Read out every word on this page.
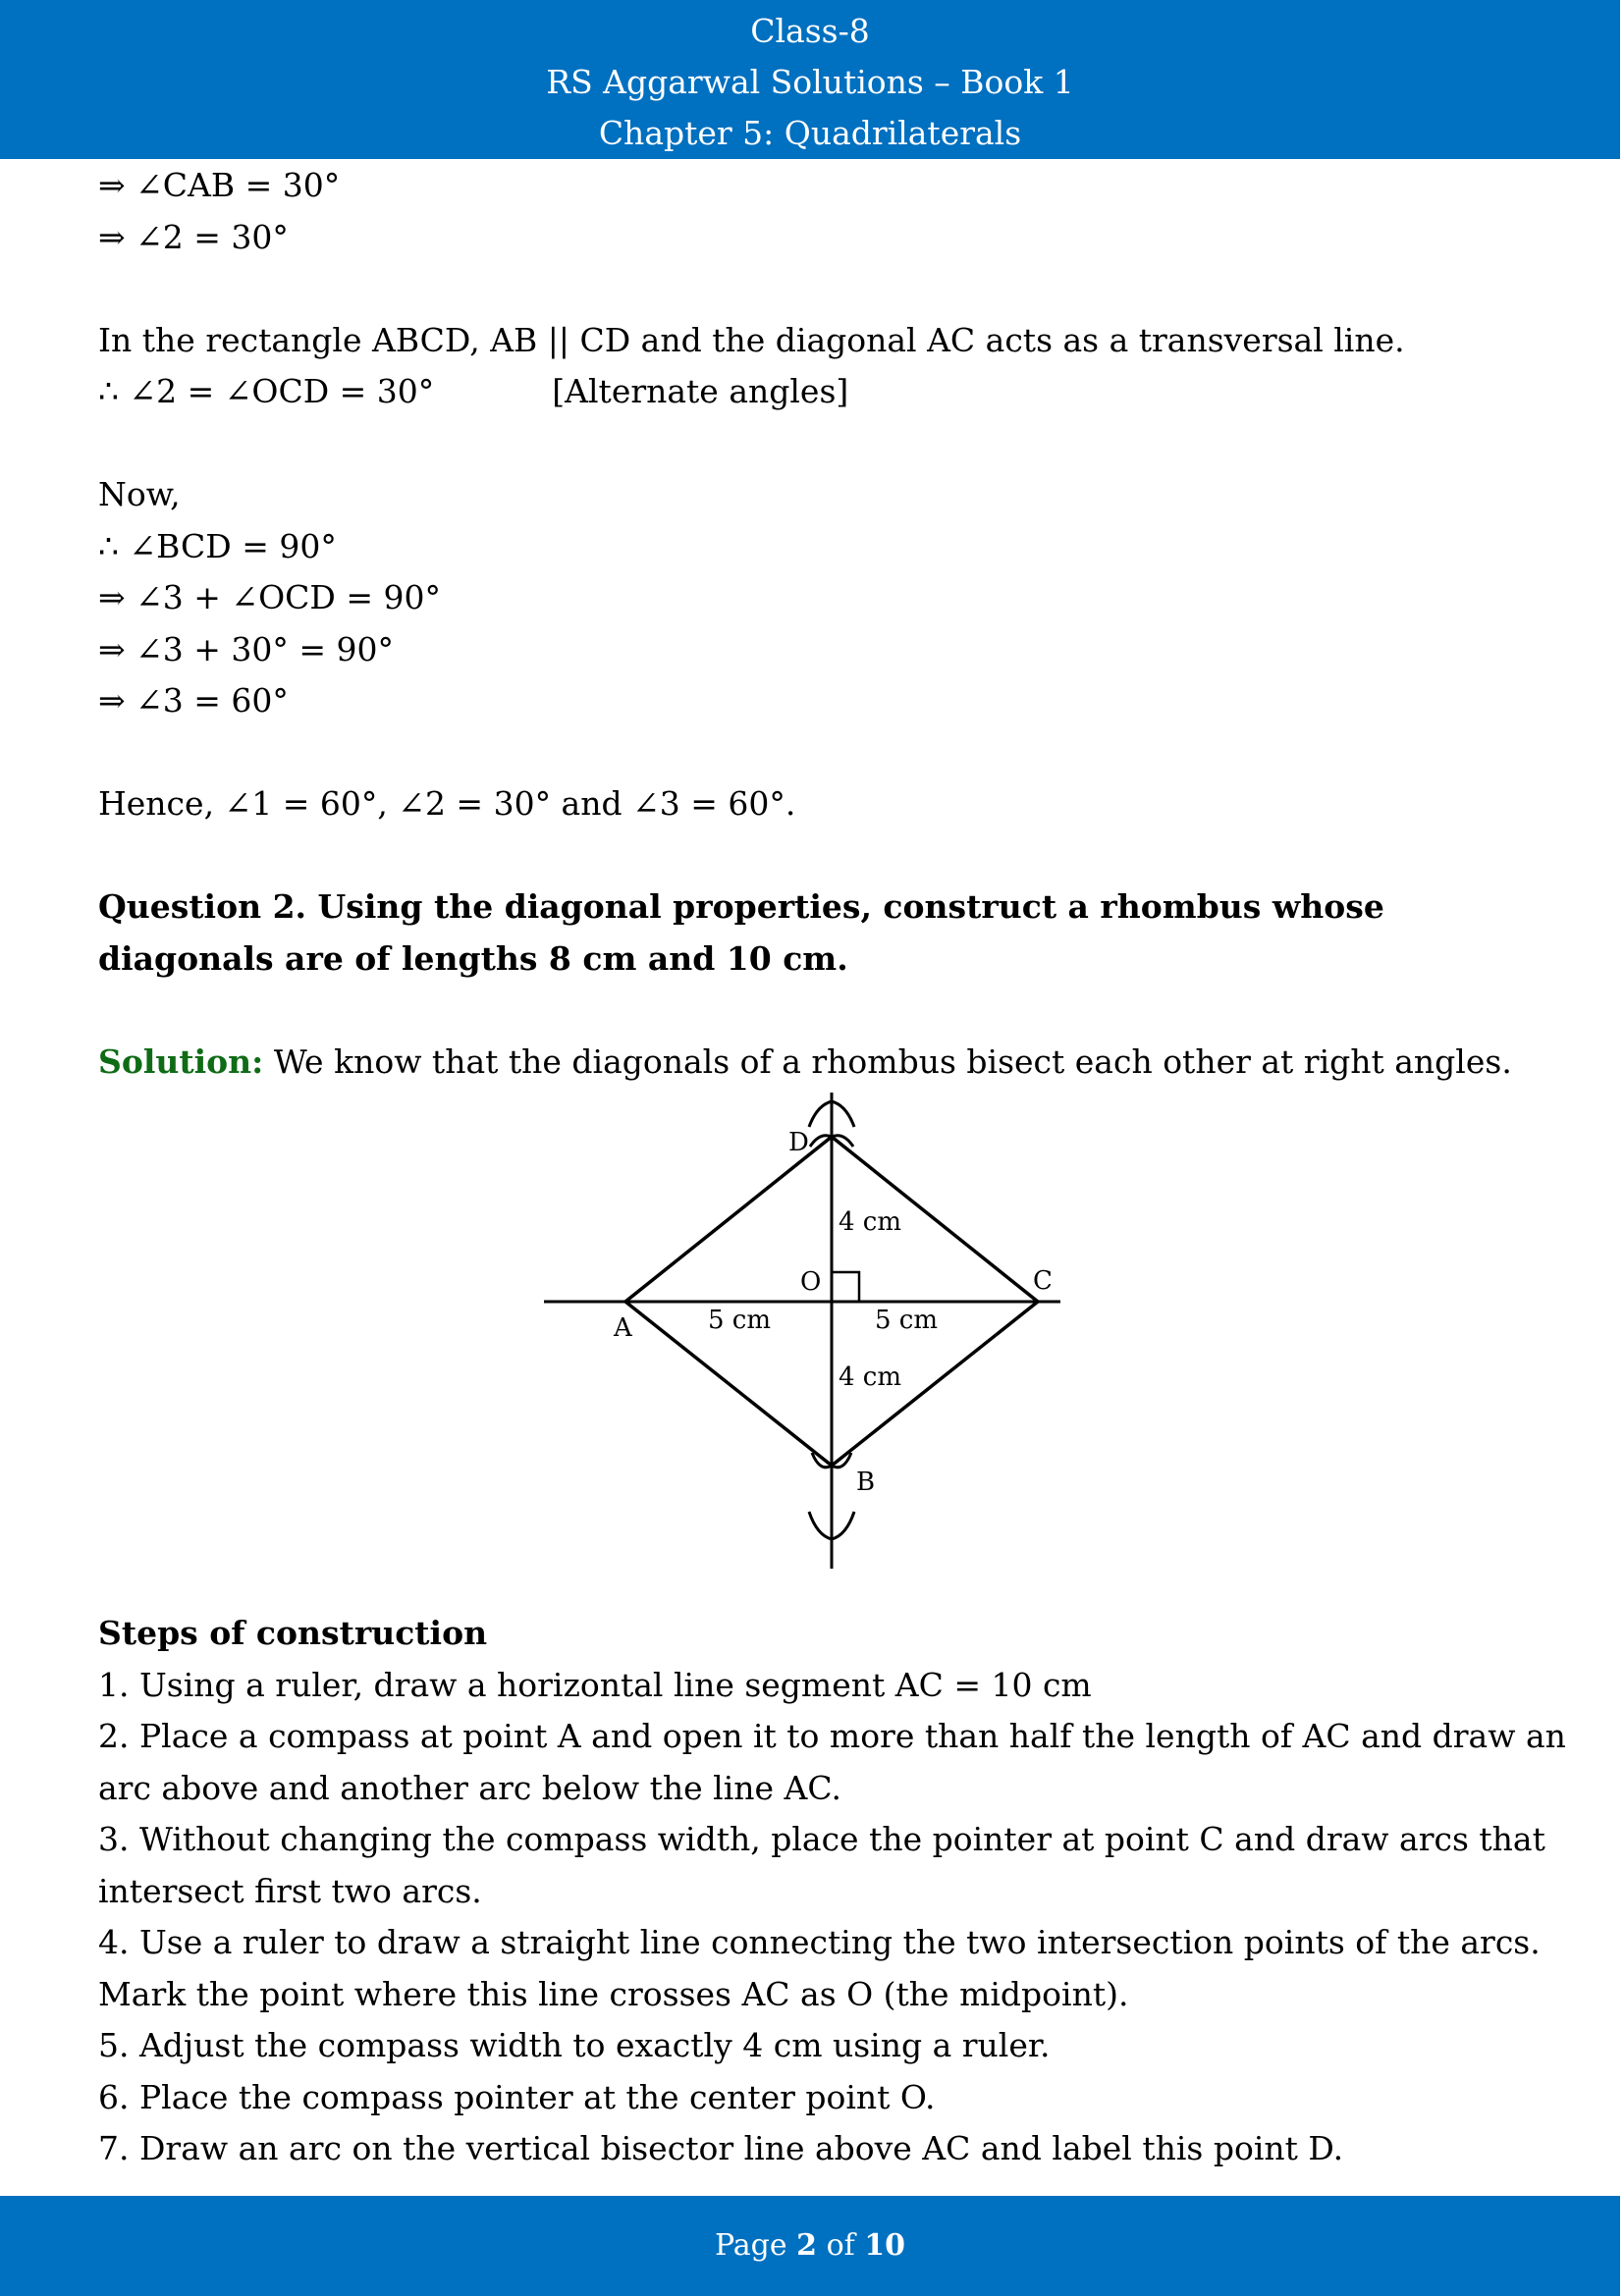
Class-8
RS Aggarwal Solutions – Book 1
Chapter 5: Quadrilaterals
⇒ ∠CAB = 30°
⇒ ∠2 = 30°
In the rectangle ABCD, AB || CD and the diagonal AC acts as a transversal line.
∴ ∠2 = ∠OCD = 30°	[Alternate angles]
Now,
∴ ∠BCD = 90°
⇒ ∠3 + ∠OCD = 90°
⇒ ∠3 + 30° = 90°
⇒ ∠3 = 60°
Hence, ∠1 = 60°, ∠2 = 30° and ∠3 = 60°.
Question 2. Using the diagonal properties, construct a rhombus whose diagonals are of lengths 8 cm and 10 cm.
Solution: We know that the diagonals of a rhombus bisect each other at right angles.
D
A
C
B
O
4 cm
4 cm
5 cm	5 cm
Steps of construction
1. Using a ruler, draw a horizontal line segment AC = 10 cm
2. Place a compass at point A and open it to more than half the length of AC and draw an
arc above and another arc below the line AC.
3. Without changing the compass width, place the pointer at point C and draw arcs that
intersect first two arcs.
4. Use a ruler to draw a straight line connecting the two intersection points of the arcs.
Mark the point where this line crosses AC as O (the midpoint).
5. Adjust the compass width to exactly 4 cm using a ruler.
6. Place the compass pointer at the center point O.
7. Draw an arc on the vertical bisector line above AC and label this point D.
Page 2 of 10
